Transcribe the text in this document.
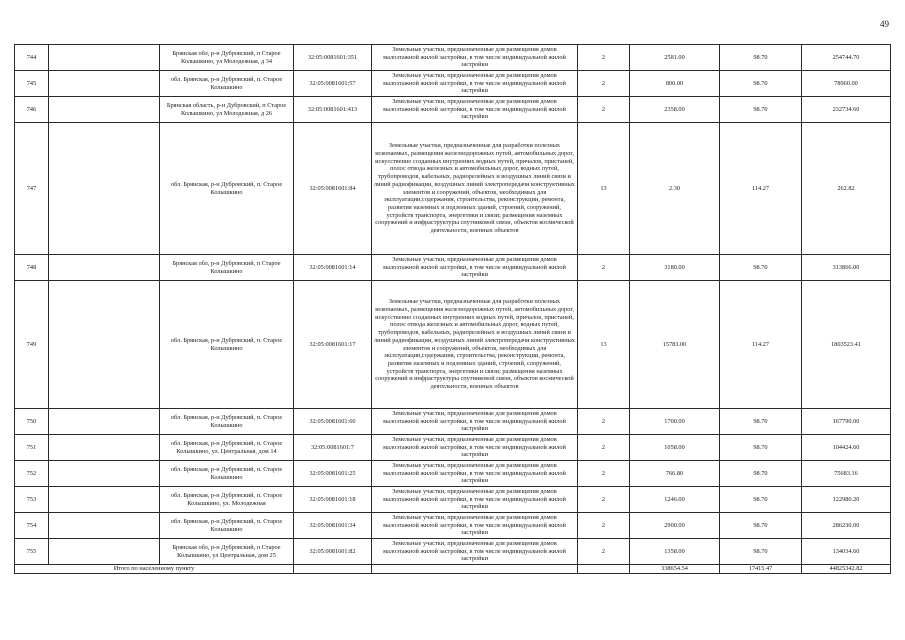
49
744		Брянская обл, р-н Дубровский, п Старое Колышкино, ул Молодежная, д 34	32:05:0081601:351	Земельные участки, предназначенные для размещения домов малоэтажной жилой застройки, в том числе индивидуальной жилой застройки	2	2581.00	98.70	254744.70
745		обл. Брянская, р-н Дубровский, п. Старое Колышкино	32:05:0081601:57	Земельные участки, предназначенные для размещения домов малоэтажной жилой застройки, в том числе индивидуальной жилой застройки	2	800.00	98.70	78960.00
746		Брянская область, р-н Дубровский, п Старое Колышкино, ул Молодежная, д 26	32:05:0081601:413	Земельные участки, предназначенные для размещения домов малоэтажной жилой застройки, в том числе индивидуальной жилой застройки	2	2358.00	98.70	232734.60
747		обл. Брянская, р-н Дубровский, п. Старое Колышкино	32:05:0081601:84	Земельные участки, предназначенные для разработки полезных ископаемых, размещения железнодорожных путей, автомобильных дорог, искусственно созданных внутренних водных путей, причалов, пристаней, полос отвода железных и автомобильных дорог, водных путей, трубопроводов, кабельных, радиорелейных и воздушных линий связи и линий радиофикации, воздушных линий электропередачи конструктивных элементов и сооружений, объектов, необходимых для эксплуатации,содержания, строительства, реконструкции, ремонта, развития наземных и подземных зданий, строений, сооружений, устройств транспорта, энергетики и связи; размещения наземных сооружений и инфраструктуры спутниковой связи, объектов космической деятельности, военных объектов	13	2.30	114.27	262.82
748		Брянская обл, р-н Дубровский, п Старое Колышкино	32:05:0081601:14	Земельные участки, предназначенные для размещения домов малоэтажной жилой застройки, в том числе индивидуальной жилой застройки	2	3180.00	98.70	313866.00
749		обл. Брянская, р-н Дубровский, п. Старое Колышкино	32:05:0081601:17	Земельные участки, предназначенные для разработки полезных ископаемых, размещения железнодорожных путей, автомобильных дорог, искусственно созданных внутренних водных путей, причалов, пристаней, полос отвода железных и автомобильных дорог, водных путей, трубопроводов, кабельных, радиорелейных и воздушных линий связи и линий радиофикации, воздушных линий электропередачи конструктивных элементов и сооружений, объектов, необходимых для эксплуатации,содержания, строительства, реконструкции, ремонта, развития наземных и подземных зданий, строений, сооружений, устройств транспорта, энергетики и связи; размещения наземных сооружений и инфраструктуры спутниковой связи, объектов космической деятельности, военных объектов	13	15783.00	114.27	1803523.41
750		обл. Брянская, р-н Дубровский, п. Старое Колышкино	32:05:0081601:60	Земельные участки, предназначенные для размещения домов малоэтажной жилой застройки, в том числе индивидуальной жилой застройки	2	1700.00	98.70	167790.00
751		обл. Брянская, р-н Дубровский, п. Старое Колышкино, ул. Центральная, дом 14	32:05:0081601:7	Земельные участки, предназначенные для размещения домов малоэтажной жилой застройки, в том числе индивидуальной жилой застройки	2	1058.00	98.70	104424.60
752		обл. Брянская, р-н Дубровский, п. Старое Колышкино	32:05:0081601:25	Земельные участки, предназначенные для размещения домов малоэтажной жилой застройки, в том числе индивидуальной жилой застройки	2	766.80	98.70	75683.16
753		обл. Брянская, р-н Дубровский, п. Старое Колышкино, ул. Молодежная	32:05:0081601:18	Земельные участки, предназначенные для размещения домов малоэтажной жилой застройки, в том числе индивидуальной жилой застройки	2	1246.00	98.70	122980.20
754		обл. Брянская, р-н Дубровский, п. Старое Колышкино	32:05:0081601:34	Земельные участки, предназначенные для размещения домов малоэтажной жилой застройки, в том числе индивидуальной жилой застройки	2	2900.00	98.70	286230.00
755		Брянская обл, р-н Дубровский, п Старое Колышкино, ул Центральная, дом 25	32:05:0081601:82	Земельные участки, предназначенные для размещения домов малоэтажной жилой застройки, в том числе индивидуальной жилой застройки	2	1358.00	98.70	134034.60
Итого по населенному пункту						338654.54	17415.47	44825342.82
